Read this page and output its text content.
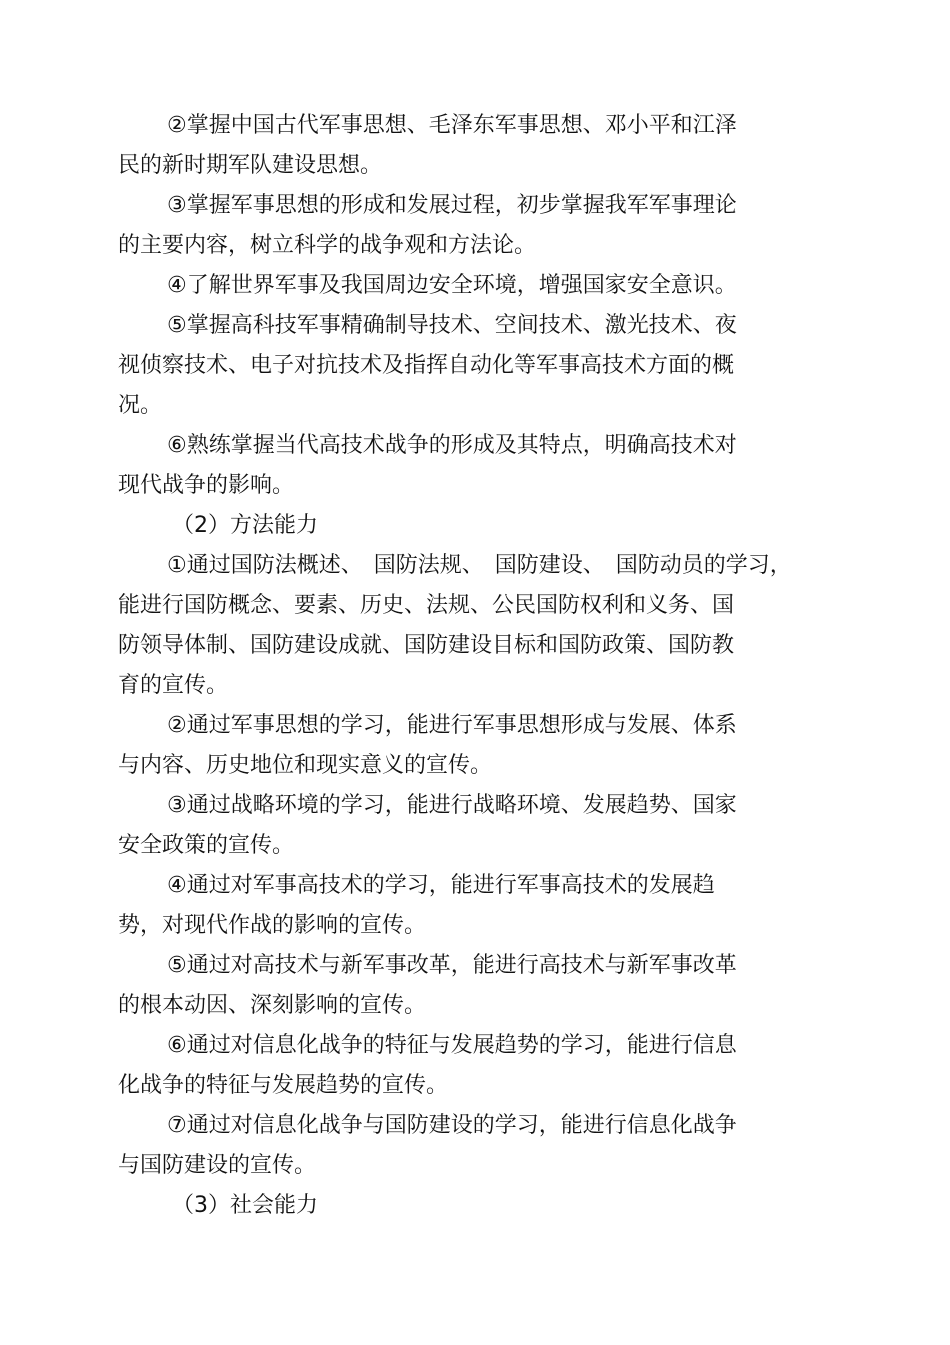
②掌握中国古代军事思想、毛泽东军事思想、邓小平和江泽
民的新时期军队建设思想。
③掌握军事思想的形成和发展过程，初步掌握我军军事理论
的主要内容，树立科学的战争观和方法论。
④了解世界军事及我国周边安全环境，增强国家安全意识。
⑤掌握高科技军事精确制导技术、空间技术、激光技术、夜
视侦察技术、电子对抗技术及指挥自动化等军事高技术方面的概
况。
⑥熟练掌握当代高技术战争的形成及其特点，明确高技术对
现代战争的影响。
（2）方法能力
①通过国防法概述、　国防法规、　国防建设、　国防动员的学习，
能进行国防概念、要素、历史、法规、公民国防权利和义务、国
防领导体制、国防建设成就、国防建设目标和国防政策、国防教
育的宣传。
②通过军事思想的学习，能进行军事思想形成与发展、体系
与内容、历史地位和现实意义的宣传。
③通过战略环境的学习，能进行战略环境、发展趋势、国家
安全政策的宣传。
④通过对军事高技术的学习，能进行军事高技术的发展趋
势，对现代作战的影响的宣传。
⑤通过对高技术与新军事改革，能进行高技术与新军事改革
的根本动因、深刻影响的宣传。
⑥通过对信息化战争的特征与发展趋势的学习，能进行信息
化战争的特征与发展趋势的宣传。
⑦通过对信息化战争与国防建设的学习，能进行信息化战争
与国防建设的宣传。
（3）社会能力
